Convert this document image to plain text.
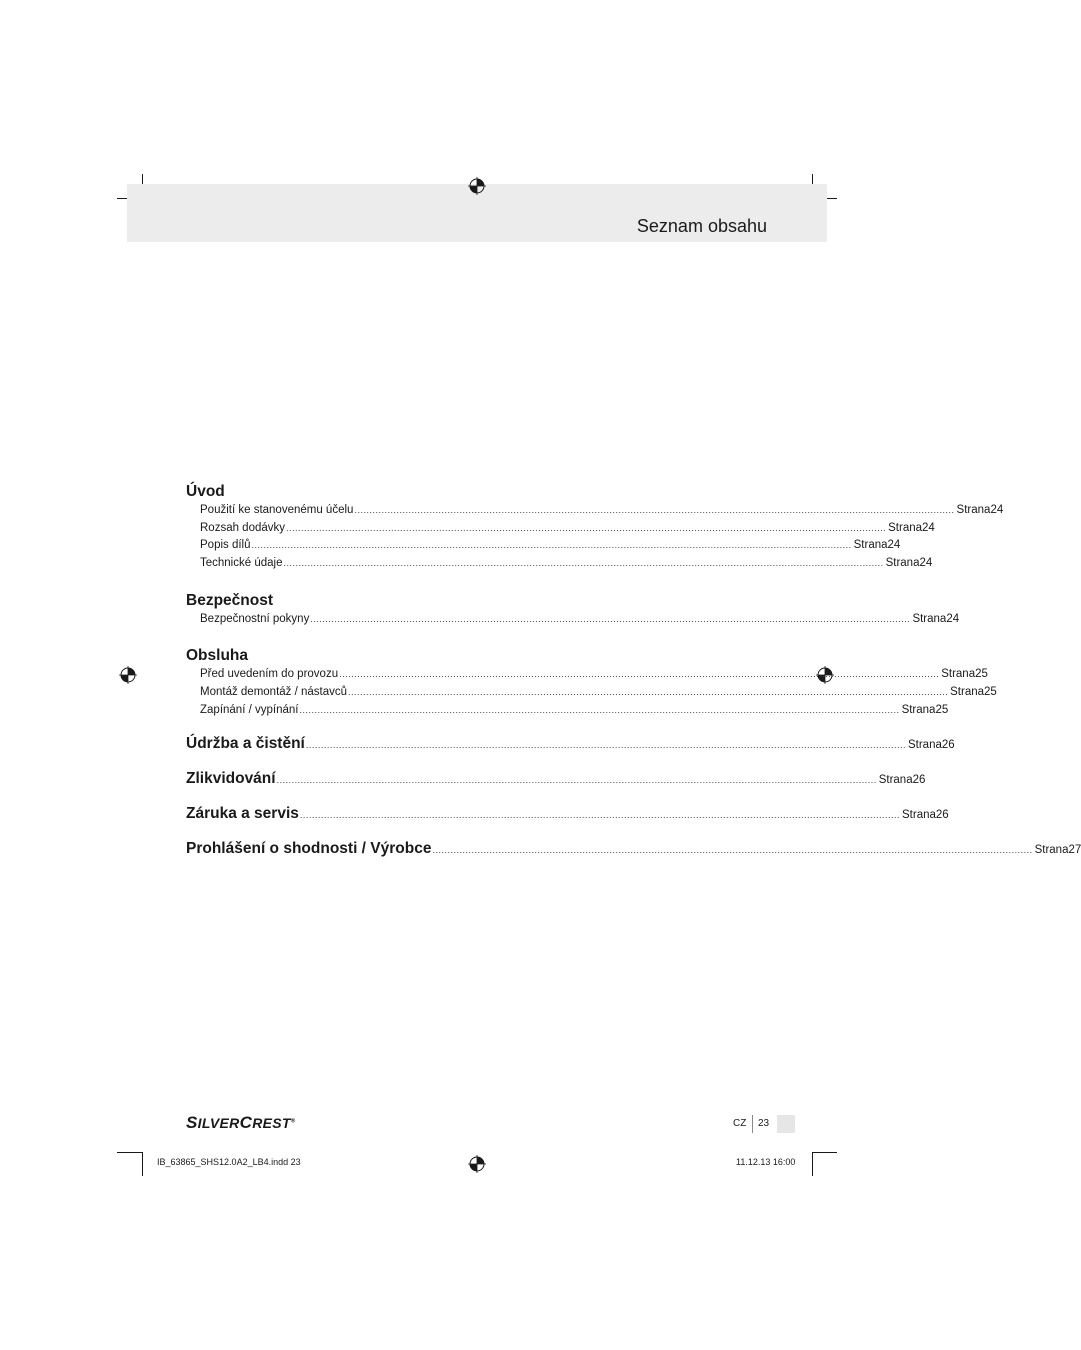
Seznam obsahu
Úvod
Použití ke stanovenému účelu ........................................................................................................................................................................................................ Strana 24
Rozsah dodávky ........................................................................................................................................................................................................ Strana 24
Popis dílů ........................................................................................................................................................................................................ Strana 24
Technické údaje ........................................................................................................................................................................................................ Strana 24
Bezpečnost
Bezpečnostní pokyny ........................................................................................................................................................................................................ Strana 24
Obsluha
Před uvedením do provozu ........................................................................................................................................................................................................ Strana 25
Montáž demontáž / nástavců ........................................................................................................................................................................................................ Strana 25
Zapínání / vypínání ........................................................................................................................................................................................................ Strana 25
Údržba a čistění ........................................................................................................................................................................................................ Strana 26
Zlikvidování ........................................................................................................................................................................................................ Strana 26
Záruka a servis ........................................................................................................................................................................................................ Strana 26
Prohlášení o shodnosti / Výrobce ........................................................................................................................................................................................................ Strana 27
SILVERCREST®	CZ 23
IB_63865_SHS12.0A2_LB4.indd 23	11.12.13 16:00
